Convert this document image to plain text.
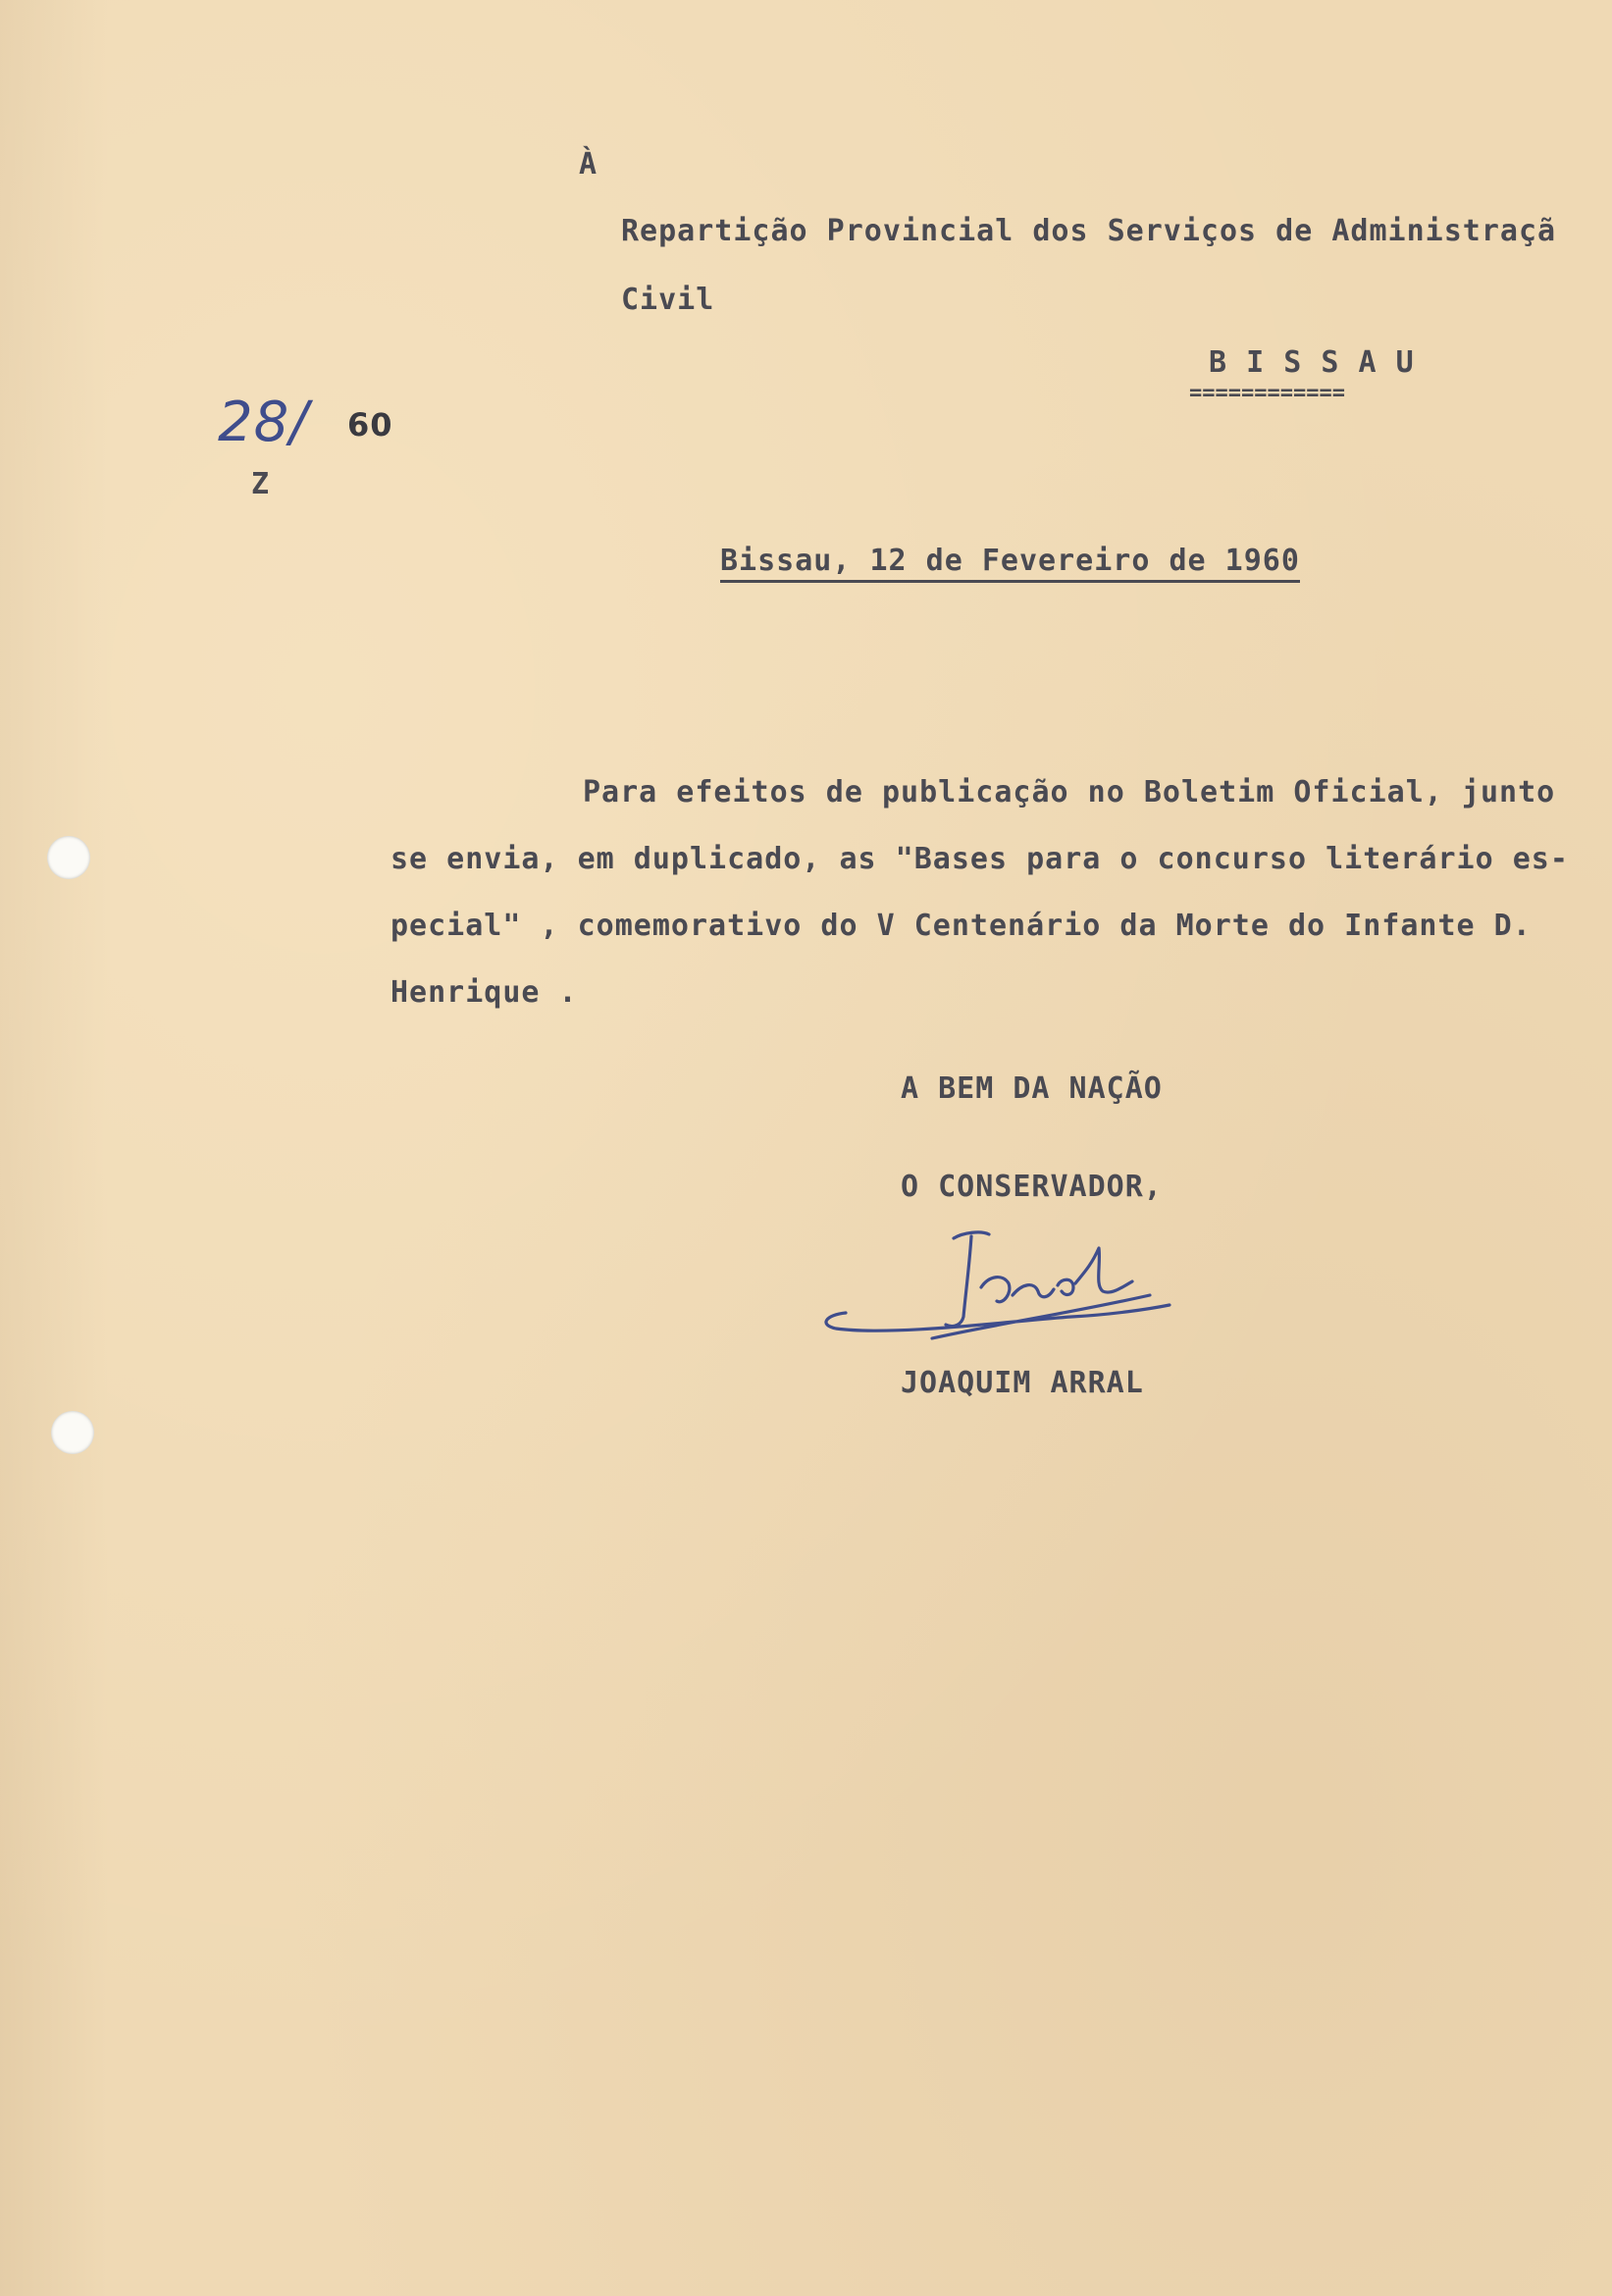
À
Repartição Provincial dos Serviços de Administraçã
Civil
B I S S A U
============
28/ 60
Z
Bissau, 12 de Fevereiro de 1960
Para efeitos de publicação no Boletim Oficial, junto
se envia, em duplicado, as "Bases para o concurso literário es-
pecial" , comemorativo do V Centenário da Morte do Infante D.
Henrique .
A BEM DA NAÇÃO
O CONSERVADOR,
JOAQUIM ARRAL
